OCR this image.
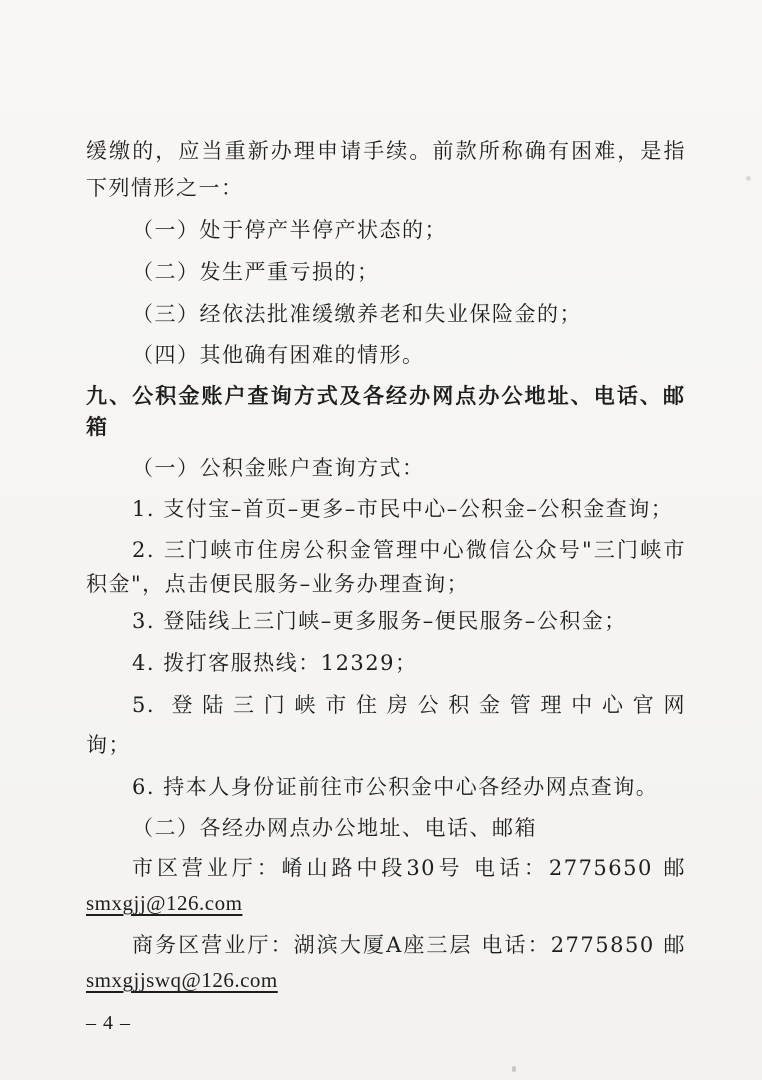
缓缴的，应当重新办理申请手续。前款所称确有困难，是指
下列情形之一：
（一）处于停产半停产状态的；
（二）发生严重亏损的；
（三）经依法批准缓缴养老和失业保险金的；
（四）其他确有困难的情形。
九、公积金账户查询方式及各经办网点办公地址、电话、邮
箱
（一）公积金账户查询方式：
1. 支付宝–首页–更多–市民中心–公积金–公积金查询；
2. 三门峡市住房公积金管理中心微信公众号"三门峡市
积金"，点击便民服务–业务办理查询；
3. 登陆线上三门峡–更多服务–便民服务–公积金；
4. 拨打客服热线：12329；
5. 登陆三门峡市住房公积金管理中心官网
询；
6. 持本人身份证前往市公积金中心各经办网点查询。
（二）各经办网点办公地址、电话、邮箱
市区营业厅：崤山路中段30号 电话：2775650 邮
smxgjj@126.com
商务区营业厅：湖滨大厦A座三层 电话：2775850 邮
smxgjjswq@126.com
– 4 –
